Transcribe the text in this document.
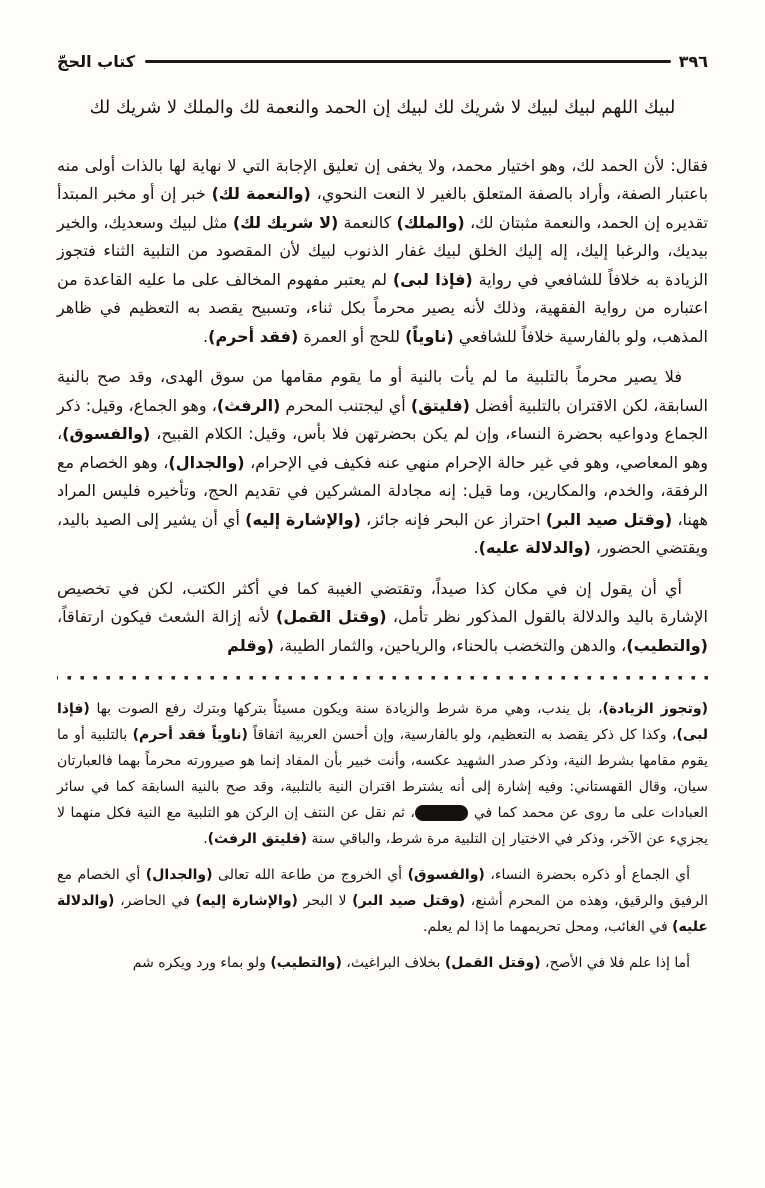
٣٩٦
كتاب الحجّ
لبيك اللهم لبيك لبيك لا شريك لك لبيك إن الحمد والنعمة لك والملك لا شريك لك

فقال: لأن الحمد لك، وهو اختيار محمد، ولا يخفى إن تعليق الإجابة التي لا نهاية لها بالذات أولى منه باعتبار الصفة، وأراد بالصفة المتعلق بالغير لا النعت النحوي، (والنعمة لك) خبر إن أو مخبر المبتدأ تقديره إن الحمد، والنعمة مثبتان لك، (والملك) كالنعمة (لا شريك لك) مثل لبيك وسعديك، والخير بيديك، والرغبا إليك، إله إليك الخلق لبيك غفار الذنوب لبيك لأن المقصود من التلبية الثناء فتجوز الزيادة به خلافاً للشافعي في رواية (فإذا لبى) لم يعتبر مفهوم المخالف على ما عليه القاعدة من اعتباره من رواية الفقهية، وذلك لأنه يصير محرماً بكل ثناء، وتسبيح يقصد به التعظيم في ظاهر المذهب، ولو بالفارسية خلافاً للشافعي (ناوياً) للحج أو العمرة (فقد أحرم).

فلا يصير محرماً بالتلبية ما لم يأت بالنية أو ما يقوم مقامها من سوق الهدى، وقد صح بالنية السابقة، لكن الاقتران بالتلبية أفضل (فليتق) أي ليجتنب المحرم (الرفث)، وهو الجماع، وقيل: ذكر الجماع ودواعيه بحضرة النساء، وإن لم يكن بحضرتهن فلا بأس، وقيل: الكلام القبيح، (والفسوق)، وهو المعاصي، وهو في غير حالة الإحرام منهي عنه فكيف في الإحرام، (والجدال)، وهو الخصام مع الرفقة، والخدم، والمكارين، وما قيل: إنه مجادلة المشركين في تقديم الحج، وتأخيره فليس المراد ههنا، (وقتل صيد البر) احتراز عن البحر فإنه جائز، (والإشارة إليه) أي أن يشير إلى الصيد باليد، ويقتضي الحضور، (والدلالة عليه).

أي أن يقول إن في مكان كذا صيداً، وتقتضي الغيبة كما في أكثر الكتب، لكن في تخصيص الإشارة باليد والدلالة بالقول المذكور نظر تأمل، (وقتل القمل) لأنه إزالة الشعث فيكون ارتفاقاً، (والتطيب)، والدهن والتخضب بالحناء، والرياحين، والثمار الطيبة، (وقلم

(وتجوز الزيادة)، بل يندب، وهي مرة شرط والزيادة سنة ويكون مسيئاً بتركها وبترك رفع الصوت بها (فإذا لبى)، وكذا كل ذكر يقصد به التعظيم، ولو بالفارسية، وإن أحسن العربية اتفاقاً (ناوياً فقد أحرم) بالتلبية أو ما يقوم مقامها بشرط النية، وذكر صدر الشهيد عكسه، وأنت خبير بأن المفاد إنما هو صيرورته محرماً بهما فالعبارتان سيان، وقال القهستاني: وفيه إشارة إلى أنه يشترط اقتران النية بالتلبية، وقد صح بالنية السابقة كما في سائر العبادات على ما روى عن محمد كما في الزاهدي، ثم نقل عن النتف إن الركن هو التلبية مع النية فكل منهما لا يجزيء عن الآخر، وذكر في الاختيار إن التلبية مرة شرط، والباقي سنة (فليتق الرفث).

أي الجماع أو ذكره بحضرة النساء، (والفسوق) أي الخروج من طاعة الله تعالى (والجدال) أي الخصام مع الرفيق والرقيق، وهذه من المحرم أشنع، (وقتل صيد البر) لا البحر (والإشارة إليه) في الحاضر، (والدلالة عليه) في الغائب، ومحل تحريمهما ما إذا لم يعلم.

أما إذا علم فلا في الأصح، (وقتل القمل) بخلاف البراغيث، (والتطيب) ولو بماء ورد ويكره شم
